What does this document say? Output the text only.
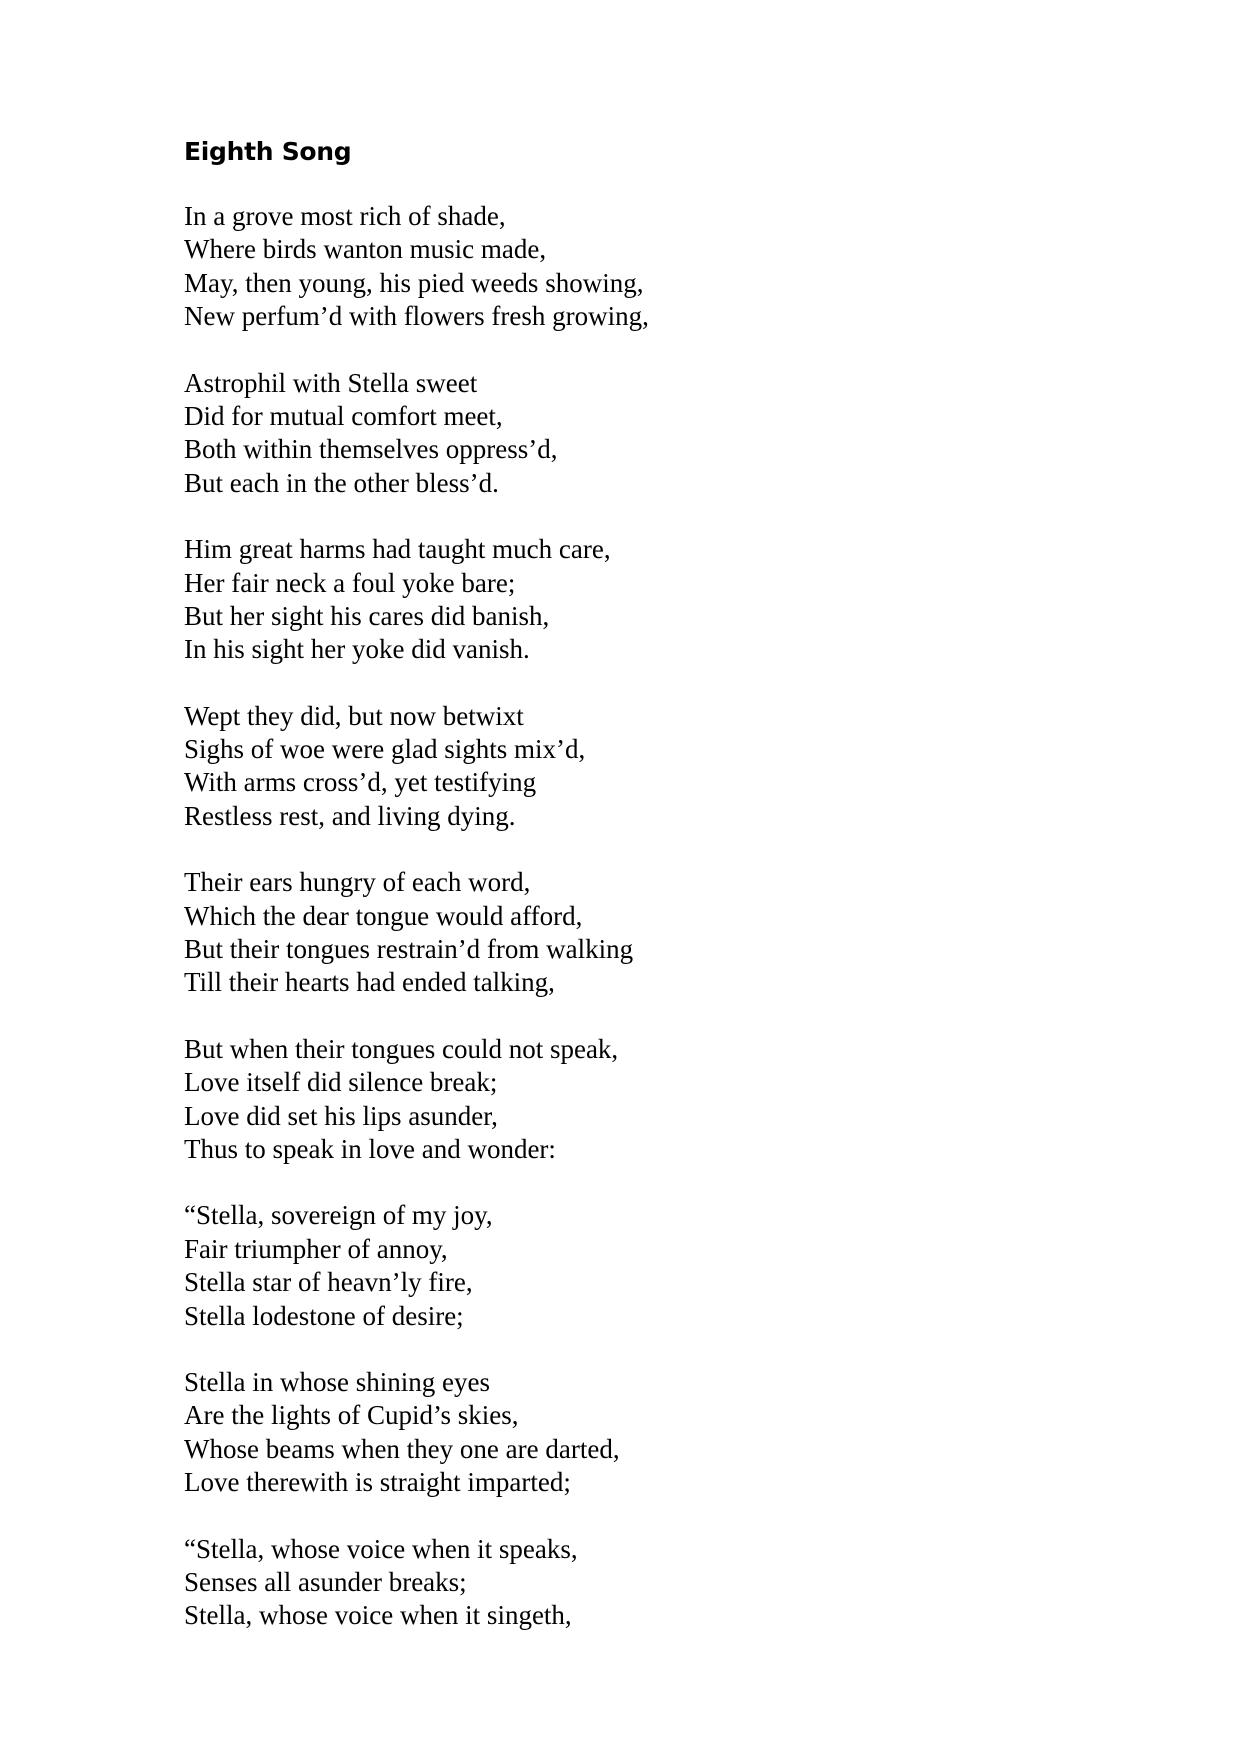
Eighth Song
In a grove most rich of shade,
Where birds wanton music made,
May, then young, his pied weeds showing,
New perfum’d with flowers fresh growing,
Astrophil with Stella sweet
Did for mutual comfort meet,
Both within themselves oppress’d,
But each in the other bless’d.
Him great harms had taught much care,
Her fair neck a foul yoke bare;
But her sight his cares did banish,
In his sight her yoke did vanish.
Wept they did, but now betwixt
Sighs of woe were glad sights mix’d,
With arms cross’d, yet testifying
Restless rest, and living dying.
Their ears hungry of each word,
Which the dear tongue would afford,
But their tongues restrain’d from walking
Till their hearts had ended talking,
But when their tongues could not speak,
Love itself did silence break;
Love did set his lips asunder,
Thus to speak in love and wonder:
“Stella, sovereign of my joy,
Fair triumpher of annoy,
Stella star of heavn’ly fire,
Stella lodestone of desire;
Stella in whose shining eyes
Are the lights of Cupid’s skies,
Whose beams when they one are darted,
Love therewith is straight imparted;
“Stella, whose voice when it speaks,
Senses all asunder breaks;
Stella, whose voice when it singeth,
